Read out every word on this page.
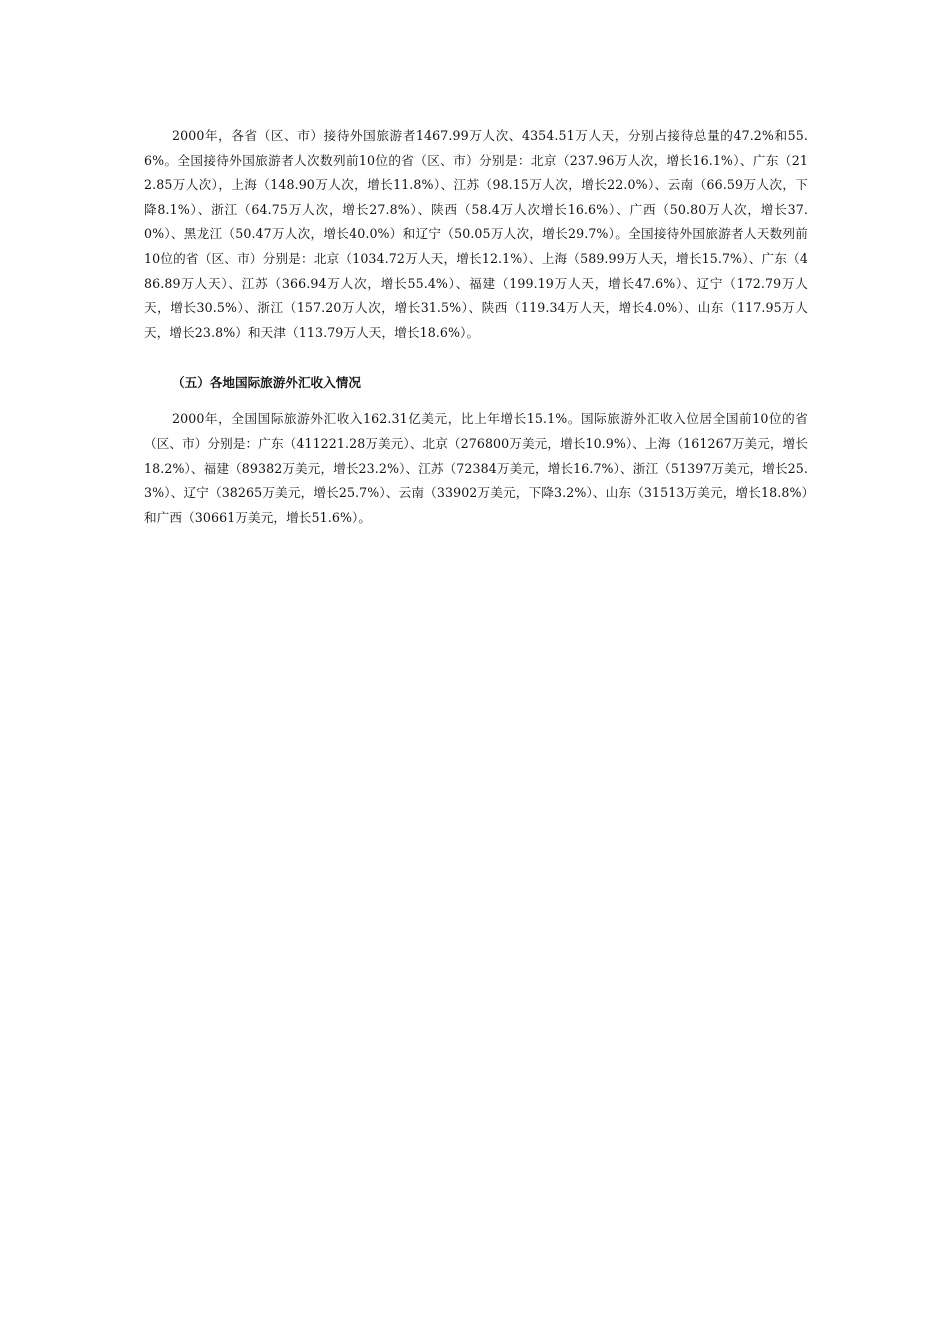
2000年，各省（区、市）接待外国旅游者1467.99万人次、4354.51万人天，分别占接待总量的47.2%和55.6%。全国接待外国旅游者人次数列前10位的省（区、市）分别是：北京（237.96万人次，增长16.1%）、广东（212.85万人次），上海（148.90万人次，增长11.8%）、江苏（98.15万人次，增长22.0%）、云南（66.59万人次，下降8.1%）、浙江（64.75万人次，增长27.8%）、陕西（58.4万人次增长16.6%）、广西（50.80万人次，增长37.0%）、黑龙江（50.47万人次，增长40.0%）和辽宁（50.05万人次，增长29.7%）。全国接待外国旅游者人天数列前10位的省（区、市）分别是：北京（1034.72万人天，增长12.1%）、上海（589.99万人天，增长15.7%）、广东（486.89万人天）、江苏（366.94万人次，增长55.4%）、福建（199.19万人天，增长47.6%）、辽宁（172.79万人天，增长30.5%）、浙江（157.20万人次，增长31.5%）、陕西（119.34万人天，增长4.0%）、山东（117.95万人天，增长23.8%）和天津（113.79万人天，增长18.6%）。

（五）各地国际旅游外汇收入情况

2000年，全国国际旅游外汇收入162.31亿美元，比上年增长15.1%。国际旅游外汇收入位居全国前10位的省（区、市）分别是：广东（411221.28万美元）、北京（276800万美元，增长10.9%）、上海（161267万美元，增长18.2%）、福建（89382万美元，增长23.2%）、江苏（72384万美元，增长16.7%）、浙江（51397万美元，增长25.3%）、辽宁（38265万美元，增长25.7%）、云南（33902万美元，下降3.2%）、山东（31513万美元，增长18.8%）和广西（30661万美元，增长51.6%）。
